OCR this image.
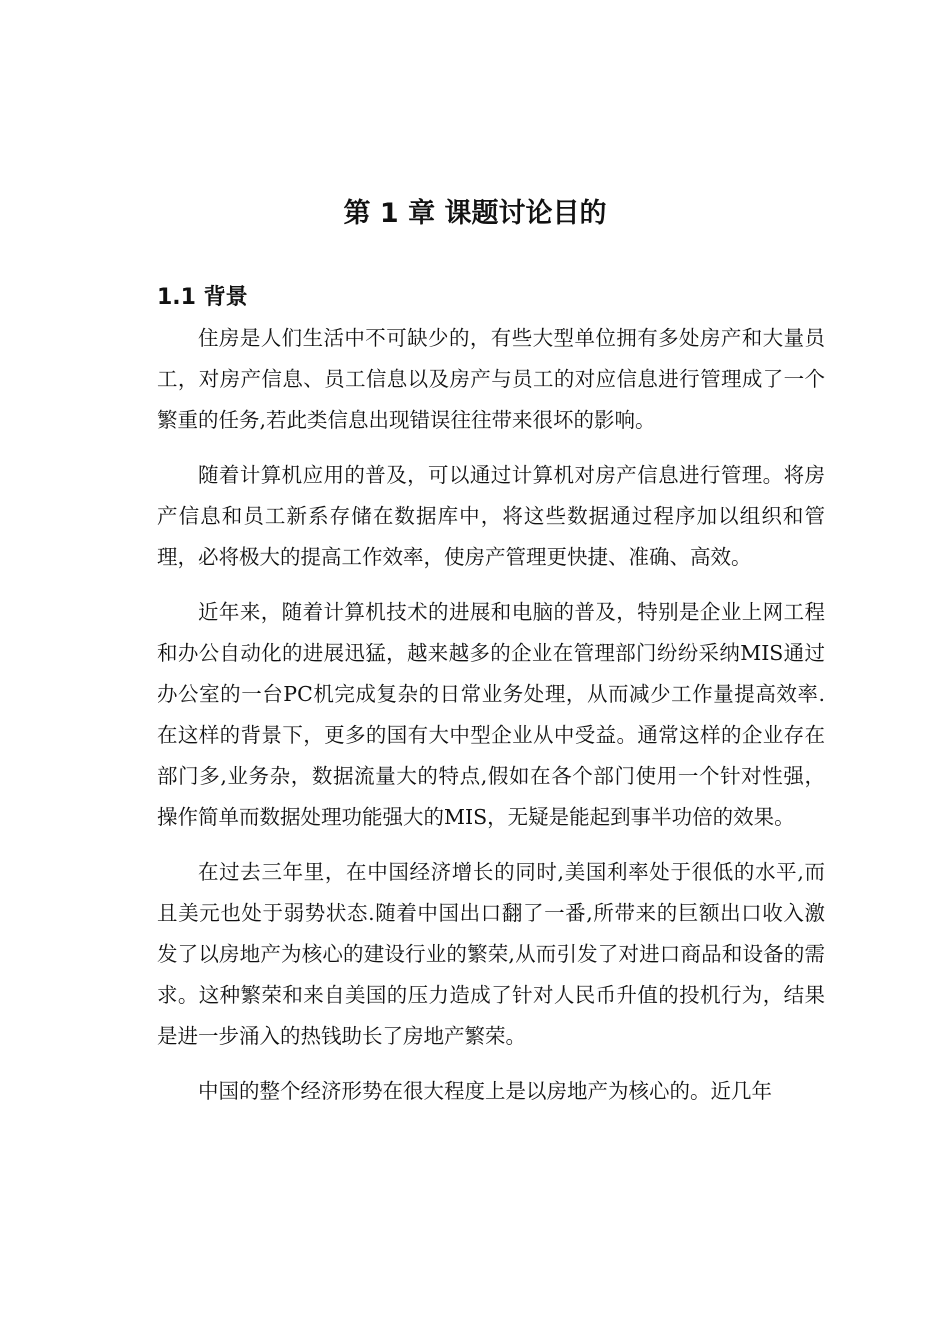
第 1 章 课题讨论目的
1.1 背景

住房是人们生活中不可缺少的，有些大型单位拥有多处房产和大量员工，对房产信息、员工信息以及房产与员工的对应信息进行管理成了一个繁重的任务,若此类信息出现错误往往带来很坏的影响。

随着计算机应用的普及，可以通过计算机对房产信息进行管理。将房产信息和员工新系存储在数据库中，将这些数据通过程序加以组织和管理，必将极大的提高工作效率，使房产管理更快捷、准确、高效。

近年来，随着计算机技术的进展和电脑的普及，特别是企业上网工程和办公自动化的进展迅猛，越来越多的企业在管理部门纷纷采纳MIS通过办公室的一台PC机完成复杂的日常业务处理，从而减少工作量提高效率.在这样的背景下，更多的国有大中型企业从中受益。通常这样的企业存在部门多,业务杂，数据流量大的特点,假如在各个部门使用一个针对性强，操作简单而数据处理功能强大的MIS，无疑是能起到事半功倍的效果。

在过去三年里，在中国经济增长的同时,美国利率处于很低的水平,而且美元也处于弱势状态.随着中国出口翻了一番,所带来的巨额出口收入激发了以房地产为核心的建设行业的繁荣,从而引发了对进口商品和设备的需求。这种繁荣和来自美国的压力造成了针对人民币升值的投机行为，结果是进一步涌入的热钱助长了房地产繁荣。

中国的整个经济形势在很大程度上是以房地产为核心的。近几年
